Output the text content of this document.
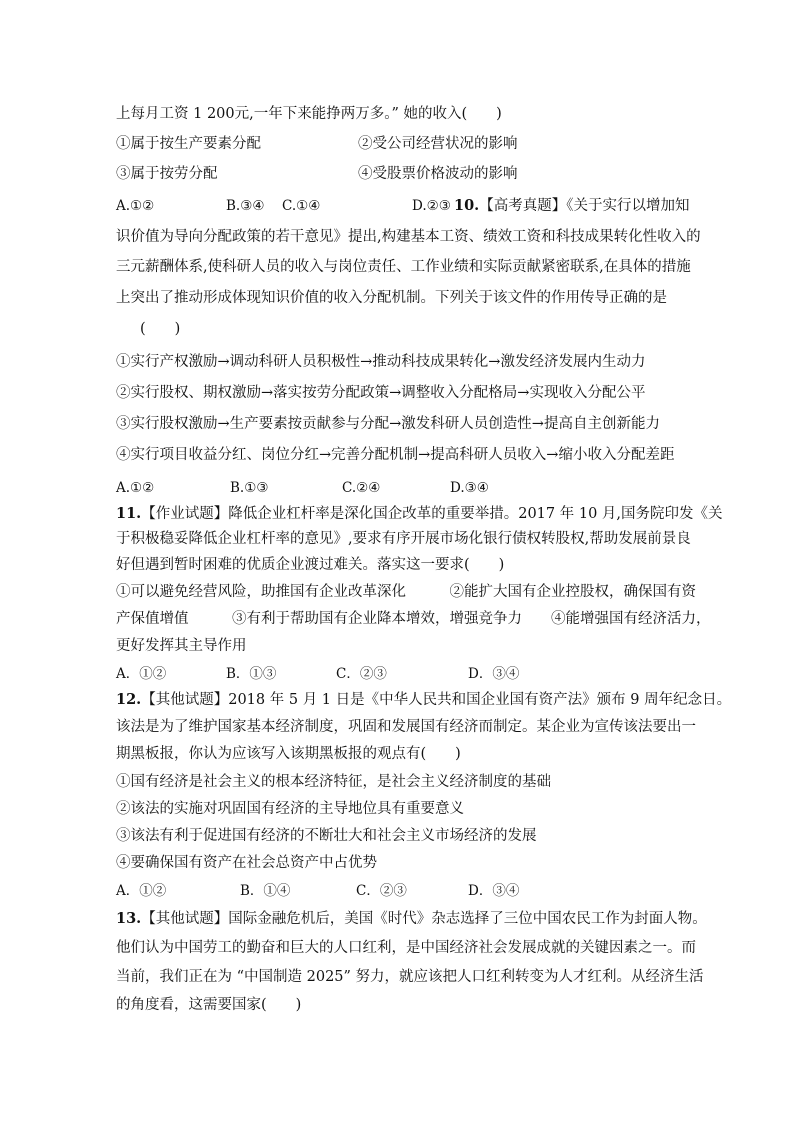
上每月工资 1 200元,一年下来能挣两万多。” 她的收入(　　)
①属于按生产要素分配	②受公司经营状况的影响
③属于按劳分配	④受股票价格波动的影响
A.①②	B.③④ C.①④	D.②③ 10.【高考真题】《关于实行以增加知
识价值为导向分配政策的若干意见》提出,构建基本工资、绩效工资和科技成果转化性收入的
三元薪酬体系,使科研人员的收入与岗位责任、工作业绩和实际贡献紧密联系,在具体的措施
上突出了推动形成体现知识价值的收入分配机制。下列关于该文件的作用传导正确的是
(　　)
①实行产权激励→调动科研人员积极性→推动科技成果转化→激发经济发展内生动力
②实行股权、期权激励→落实按劳分配政策→调整收入分配格局→实现收入分配公平
③实行股权激励→生产要素按贡献参与分配→激发科研人员创造性→提高自主创新能力
④实行项目收益分红、岗位分红→完善分配机制→提高科研人员收入→缩小收入分配差距
A.①②	B.①③	C.②④	D.③④
11.【作业试题】降低企业杠杆率是深化国企改革的重要举措。2017 年 10 月,国务院印发《关
于积极稳妥降低企业杠杆率的意见》,要求有序开展市场化银行债权转股权,帮助发展前景良
好但遇到暂时困难的优质企业渡过难关。落实这一要求(　　)
①可以避免经营风险，助推国有企业改革深化　　　②能扩大国有企业控股权，确保国有资
产保值增值　　　③有利于帮助国有企业降本增效，增强竞争力　　④能增强国有经济活力，
更好发挥其主导作用
A．①②	B．①③	C．②③	D．③④
12.【其他试题】2018 年 5 月 1 日是《中华人民共和国企业国有资产法》颁布 9 周年纪念日。
该法是为了维护国家基本经济制度，巩固和发展国有经济而制定。某企业为宣传该法要出一
期黑板报，你认为应该写入该期黑板报的观点有(　　)
①国有经济是社会主义的根本经济特征，是社会主义经济制度的基础
②该法的实施对巩固国有经济的主导地位具有重要意义
③该法有利于促进国有经济的不断壮大和社会主义市场经济的发展
④要确保国有资产在社会总资产中占优势
A．①②	B．①④	C．②③	D．③④
13.【其他试题】国际金融危机后，美国《时代》杂志选择了三位中国农民工作为封面人物。
他们认为中国劳工的勤奋和巨大的人口红利，是中国经济社会发展成就的关键因素之一。而
当前，我们正在为 “中国制造 2025” 努力，就应该把人口红利转变为人才红利。从经济生活
的角度看，这需要国家(　　)
